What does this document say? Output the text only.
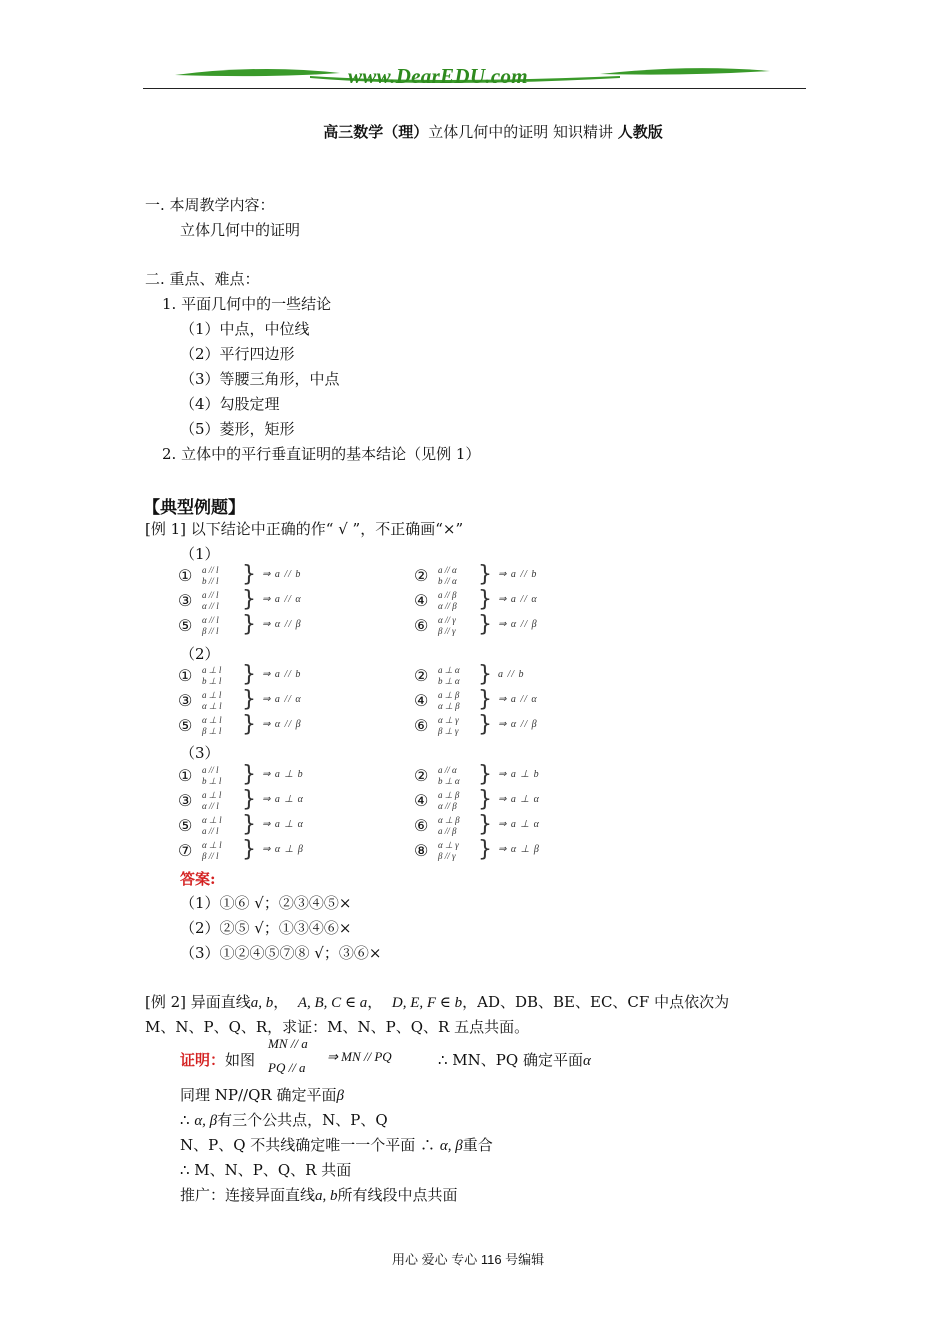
www.DearEDU.com
高三数学（理）立体几何中的证明 知识精讲 人教版
一. 本周教学内容：
立体几何中的证明
二. 重点、难点：
1. 平面几何中的一些结论
（1）中点，中位线
（2）平行四边形
（3）等腰三角形，中点
（4）勾股定理
（5）菱形，矩形
2. 立体中的平行垂直证明的基本结论（见例 1）
【典型例题】
[例 1] 以下结论中正确的作“ √ ”，不正确画“×”
（1）
（2）
（3）
① a // l
b // l } ⇒ a // b	② a // α
b // α } ⇒ a // b
③ a // l
α // l } ⇒ a // α	④ a // β
α // β } ⇒ a // α
⑤ α // l
β // l } ⇒ α // β	⑥ α // γ
β // γ } ⇒ α // β
① a ⊥ l
b ⊥ l } ⇒ a // b	② a ⊥ α
b ⊥ α } a // b
③ a ⊥ l
α ⊥ l } ⇒ a // α	④ a ⊥ β
α ⊥ β } ⇒ a // α
⑤ α ⊥ l
β ⊥ l } ⇒ α // β	⑥ α ⊥ γ
β ⊥ γ } ⇒ α // β
① a // l
b ⊥ l } ⇒ a ⊥ b	② a // α
b ⊥ α } ⇒ a ⊥ b
③ a ⊥ l
α // l } ⇒ a ⊥ α	④ a ⊥ β
α // β } ⇒ a ⊥ α
⑤ α ⊥ l
a // l } ⇒ a ⊥ α	⑥ α ⊥ β
a // β } ⇒ a ⊥ α
⑦ α ⊥ l
β // l } ⇒ α ⊥ β	⑧ α ⊥ γ
β // γ } ⇒ α ⊥ β
答案:
（1）①⑥ √；②③④⑤×
（2）②⑤ √；①③④⑥×
（3）①②④⑤⑦⑧ √；③⑥×
[例 2] 异面直线a, b， A, B, C ∈ a， D, E, F ∈ b，AD、DB、BE、EC、CF 中点依次为
M、N、P、Q、R，求证：M、N、P、Q、R 五点共面。
证明：如图
MN // a
PQ // a
⇒ MN // PQ	∴ MN、PQ 确定平面α
同理 NP//QR 确定平面β
∴ α, β有三个公共点，N、P、Q
N、P、Q 不共线确定唯一一个平面 ∴ α, β重合
∴ M、N、P、Q、R 共面
推广：连接异面直线a, b所有线段中点共面
用心 爱心 专心 116 号编辑
